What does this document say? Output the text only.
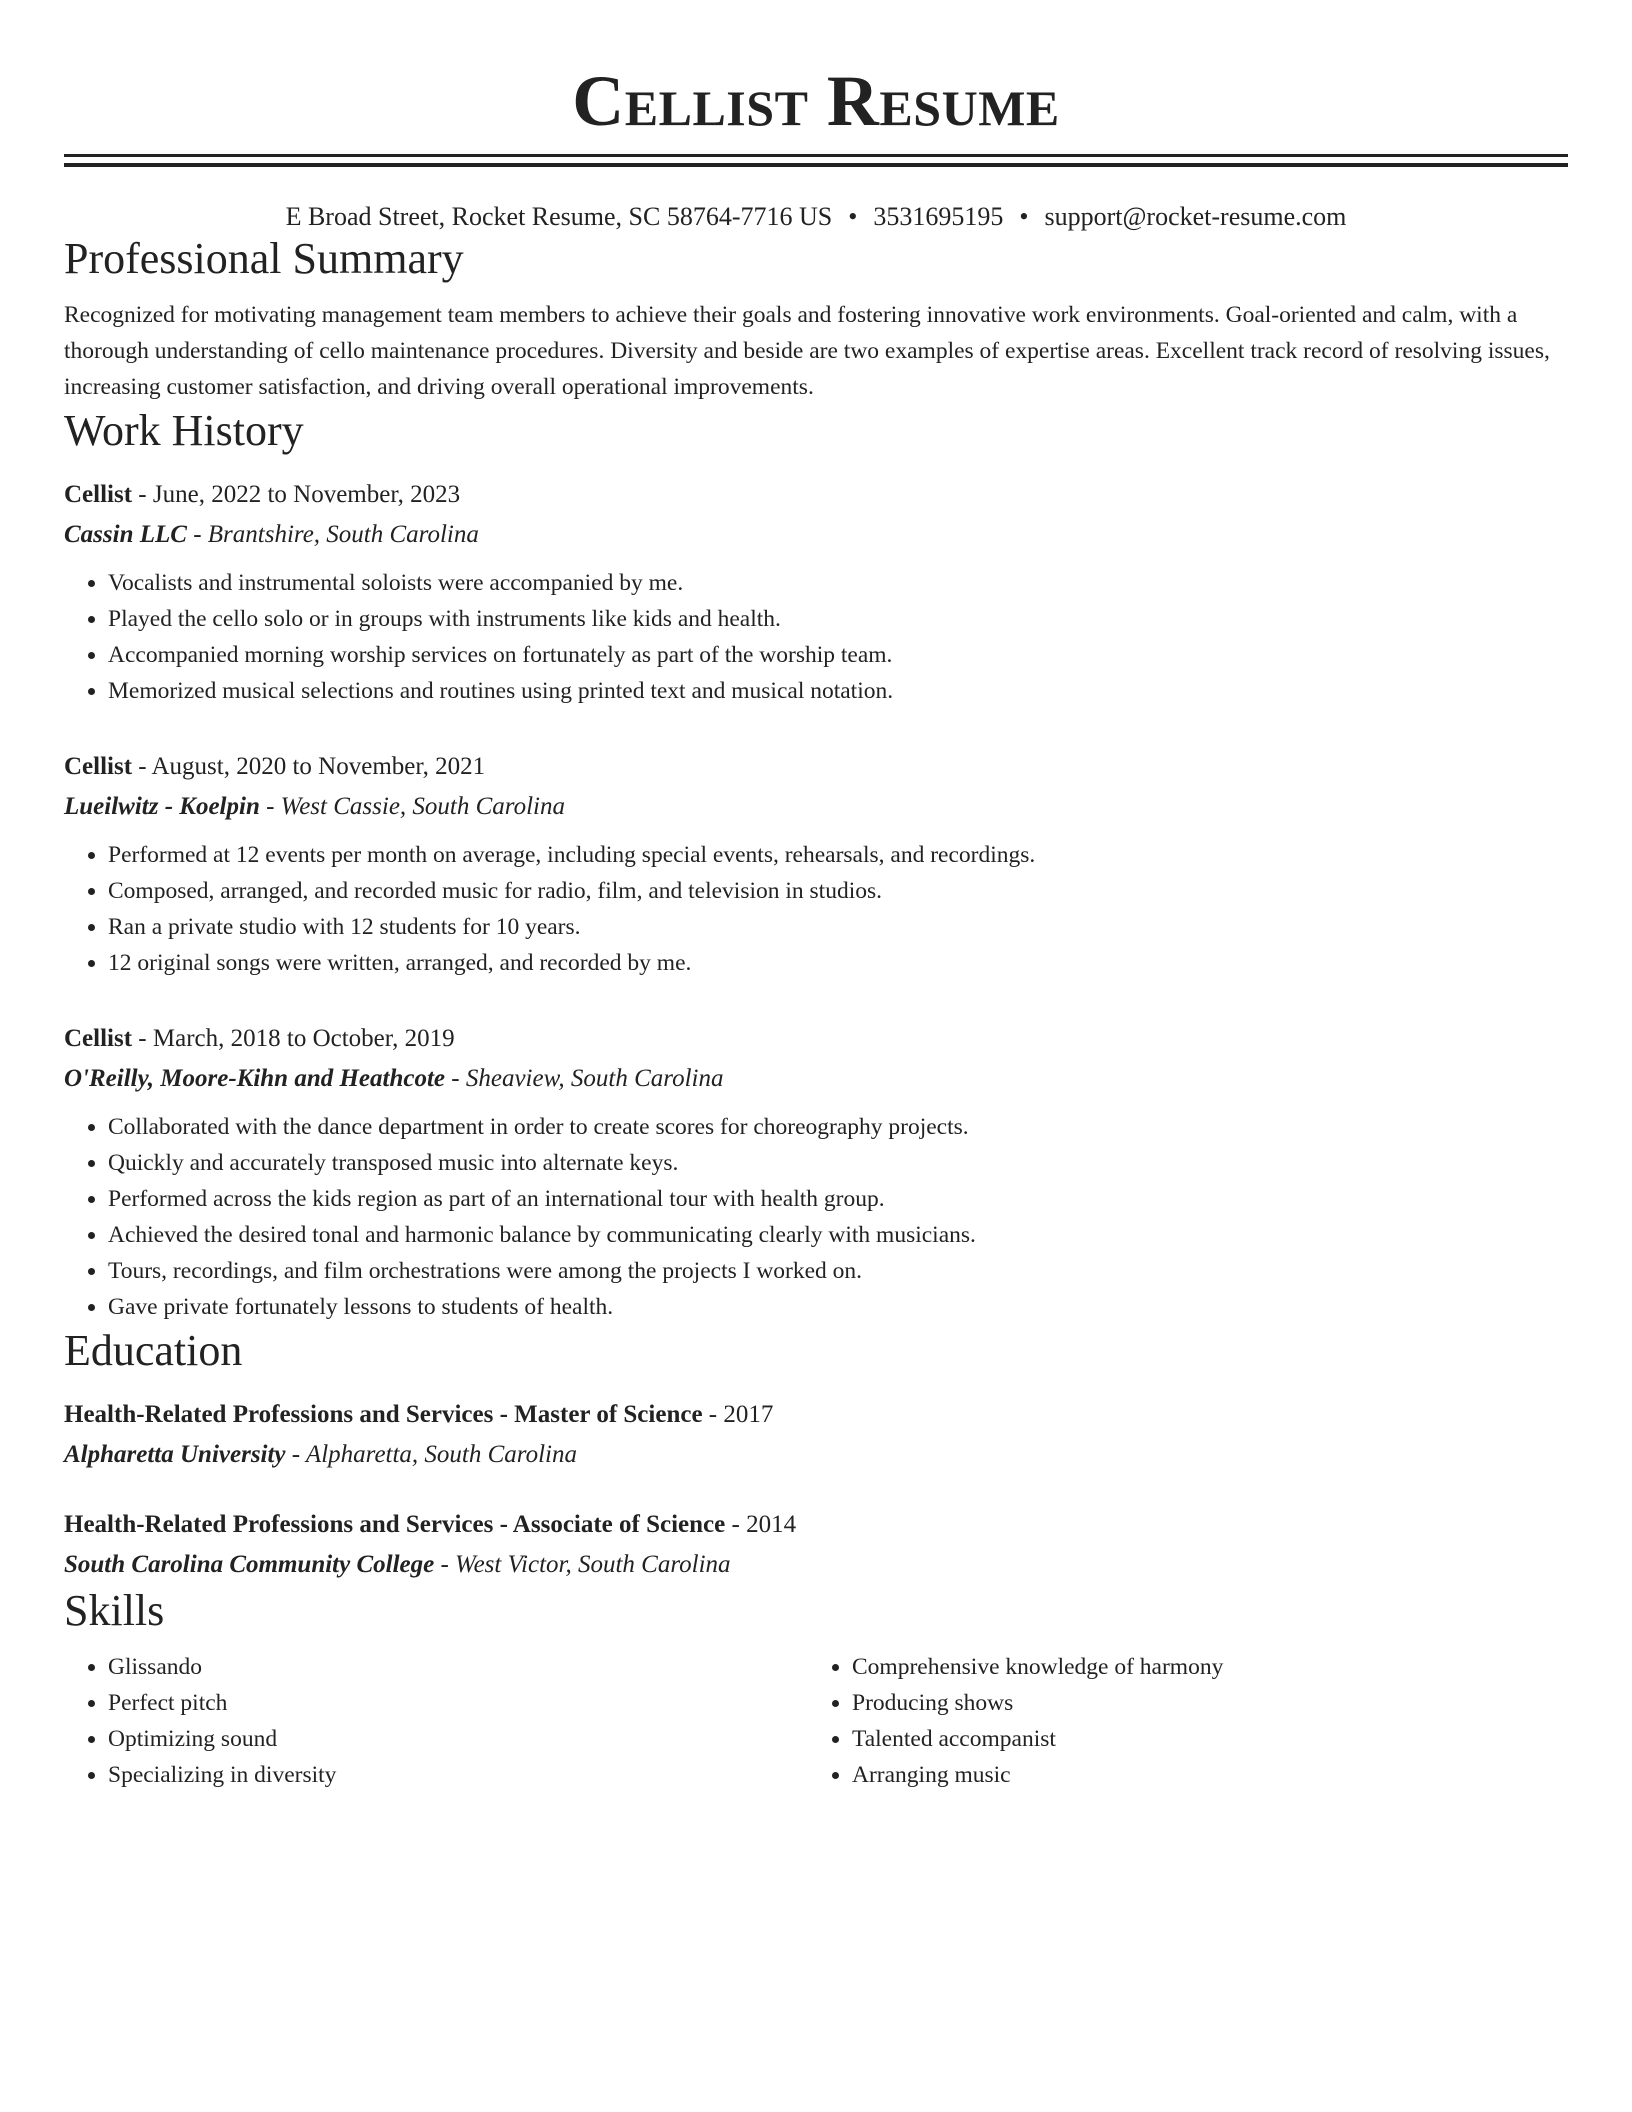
Cellist Resume
E Broad Street, Rocket Resume, SC 58764-7716 US • 3531695195 • support@rocket-resume.com
Professional Summary

Recognized for motivating management team members to achieve their goals and fostering innovative work environments. Goal-oriented and calm, with a thorough understanding of cello maintenance procedures. Diversity and beside are two examples of expertise areas. Excellent track record of resolving issues, increasing customer satisfaction, and driving overall operational improvements.

Work History
Cellist - June, 2022 to November, 2023
Cassin LLC - Brantshire, South Carolina
• Vocalists and instrumental soloists were accompanied by me.
• Played the cello solo or in groups with instruments like kids and health.
• Accompanied morning worship services on fortunately as part of the worship team.
• Memorized musical selections and routines using printed text and musical notation.
Cellist - August, 2020 to November, 2021
Lueilwitz - Koelpin - West Cassie, South Carolina
• Performed at 12 events per month on average, including special events, rehearsals, and recordings.
• Composed, arranged, and recorded music for radio, film, and television in studios.
• Ran a private studio with 12 students for 10 years.
• 12 original songs were written, arranged, and recorded by me.
Cellist - March, 2018 to October, 2019
O'Reilly, Moore-Kihn and Heathcote - Sheaview, South Carolina
• Collaborated with the dance department in order to create scores for choreography projects.
• Quickly and accurately transposed music into alternate keys.
• Performed across the kids region as part of an international tour with health group.
• Achieved the desired tonal and harmonic balance by communicating clearly with musicians.
• Tours, recordings, and film orchestrations were among the projects I worked on.
• Gave private fortunately lessons to students of health.
Education
Health-Related Professions and Services - Master of Science - 2017
Alpharetta University - Alpharetta, South Carolina
Health-Related Professions and Services - Associate of Science - 2014
South Carolina Community College - West Victor, South Carolina
Skills
• Glissando
• Perfect pitch
• Optimizing sound
• Specializing in diversity
• Comprehensive knowledge of harmony
• Producing shows
• Talented accompanist
• Arranging music
